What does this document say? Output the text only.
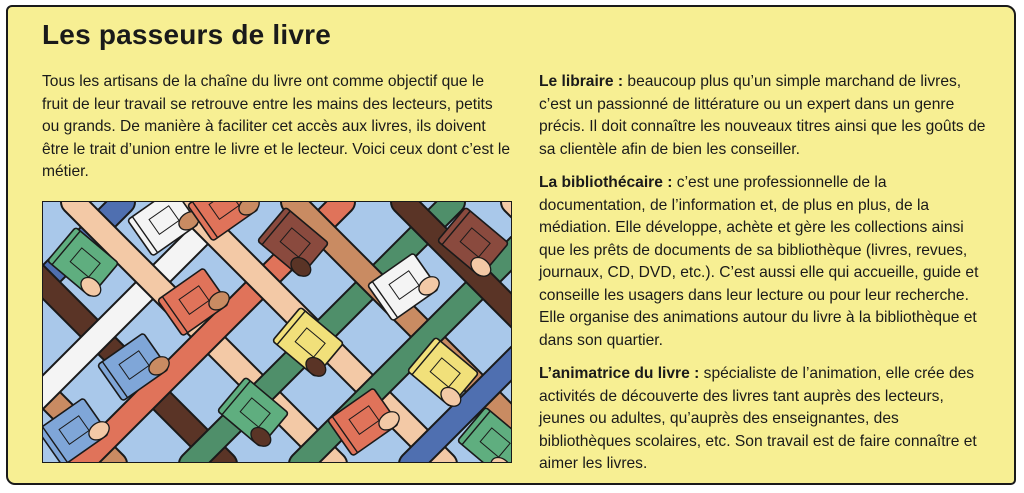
Les passeurs de livre
Tous les artisans de la chaîne du livre ont comme objectif que le fruit de leur travail se retrouve entre les mains des lecteurs, petits ou grands. De manière à faciliter cet accès aux livres, ils doivent être le trait d’union entre le livre et le lecteur. Voici ceux dont c’est le métier.

Le libraire : beaucoup plus qu’un simple marchand de livres, c’est un passionné de littérature ou un expert dans un genre précis. Il doit connaître les nouveaux titres ainsi que les goûts de sa clientèle afin de bien les conseiller.

La bibliothécaire : c’est une professionnelle de la documentation, de l’information et, de plus en plus, de la médiation. Elle développe, achète et gère les collections ainsi que les prêts de documents de sa bibliothèque (livres, revues, journaux, CD, DVD, etc.). C’est aussi elle qui accueille, guide et conseille les usagers dans leur lecture ou pour leur recherche. Elle organise des animations autour du livre à la bibliothèque et dans son quartier.

L’animatrice du livre : spécialiste de l’animation, elle crée des activités de découverte des livres tant auprès des lecteurs, jeunes ou adultes, qu’auprès des enseignantes, des bibliothèques scolaires, etc. Son travail est de faire connaître et aimer les livres.
